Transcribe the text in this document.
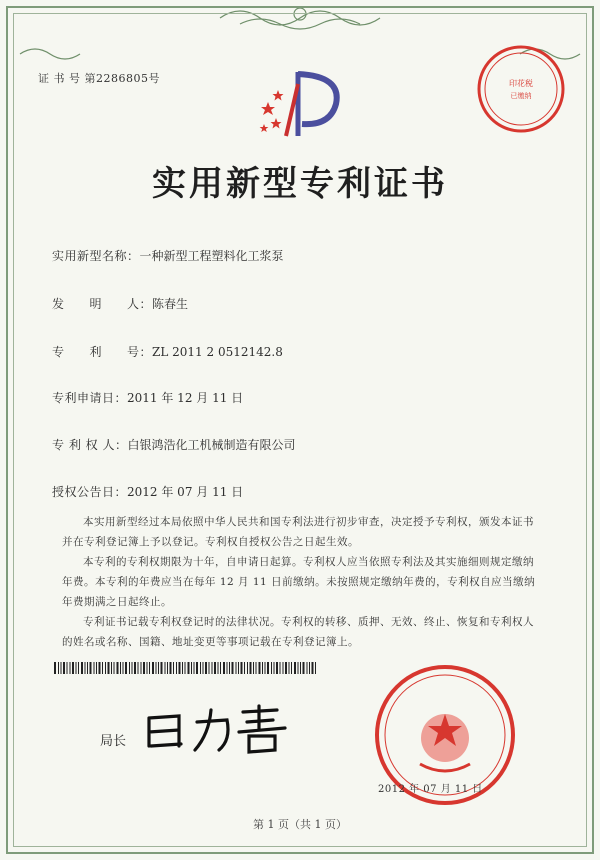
证 书 号 第2286805号	印花税
已缴纳
实用新型专利证书
实用新型名称：一种新型工程塑料化工浆泵
发　　明　　人：陈春生
专　　利　　号：ZL 2011 2 0512142.8
专利申请日：2011 年 12 月 11 日
专 利 权 人：白银鸿浩化工机械制造有限公司
授权公告日：2012 年 07 月 11 日

本实用新型经过本局依照中华人民共和国专利法进行初步审查，决定授予专利权，颁发本证书并在专利登记簿上予以登记。专利权自授权公告之日起生效。

本专利的专利权期限为十年，自申请日起算。专利权人应当依照专利法及其实施细则规定缴纳年费。本专利的年费应当在每年 12 月 11 日前缴纳。未按照规定缴纳年费的，专利权自应当缴纳年费期满之日起终止。

专利证书记载专利权登记时的法律状况。专利权的转移、质押、无效、终止、恢复和专利权人的姓名或名称、国籍、地址变更等事项记载在专利登记簿上。

局长
2012 年 07 月 11 日
第 1 页（共 1 页）
